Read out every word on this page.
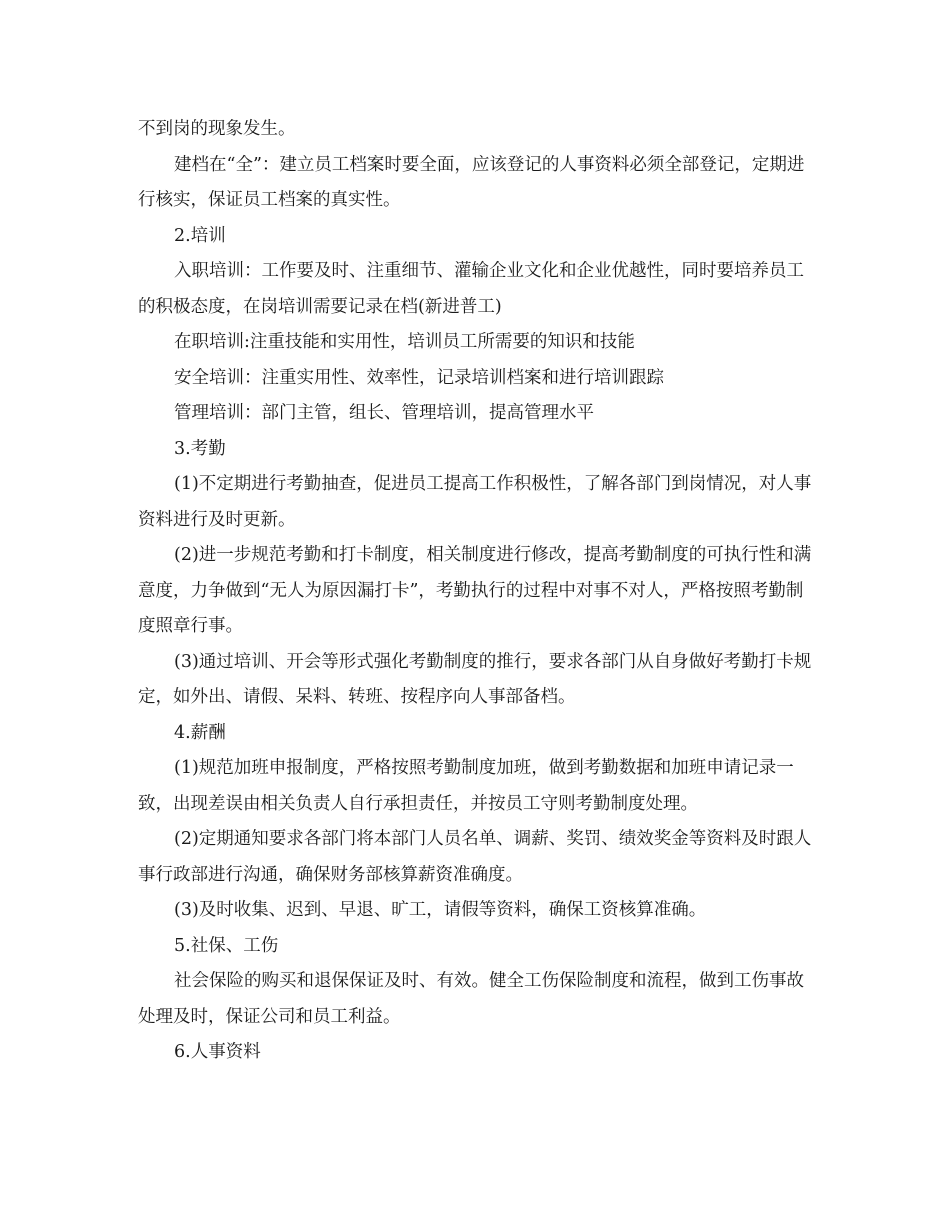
不到岗的现象发生。

建档在“全”：建立员工档案时要全面，应该登记的人事资料必须全部登记，定期进行核实，保证员工档案的真实性。

2.培训

入职培训：工作要及时、注重细节、灌输企业文化和企业优越性，同时要培养员工的积极态度，在岗培训需要记录在档(新进普工)

在职培训:注重技能和实用性，培训员工所需要的知识和技能

安全培训：注重实用性、效率性，记录培训档案和进行培训跟踪

管理培训：部门主管，组长、管理培训，提高管理水平

3.考勤

(1)不定期进行考勤抽查，促进员工提高工作积极性，了解各部门到岗情况，对人事资料进行及时更新。

(2)进一步规范考勤和打卡制度，相关制度进行修改，提高考勤制度的可执行性和满意度，力争做到“无人为原因漏打卡”，考勤执行的过程中对事不对人，严格按照考勤制度照章行事。

(3)通过培训、开会等形式强化考勤制度的推行，要求各部门从自身做好考勤打卡规定，如外出、请假、呆料、转班、按程序向人事部备档。

4.薪酬

(1)规范加班申报制度，严格按照考勤制度加班，做到考勤数据和加班申请记录一致，出现差误由相关负责人自行承担责任，并按员工守则考勤制度处理。

(2)定期通知要求各部门将本部门人员名单、调薪、奖罚、绩效奖金等资料及时跟人事行政部进行沟通，确保财务部核算薪资准确度。

(3)及时收集、迟到、早退、旷工，请假等资料，确保工资核算准确。

5.社保、工伤

社会保险的购买和退保保证及时、有效。健全工伤保险制度和流程，做到工伤事故处理及时，保证公司和员工利益。

6.人事资料
